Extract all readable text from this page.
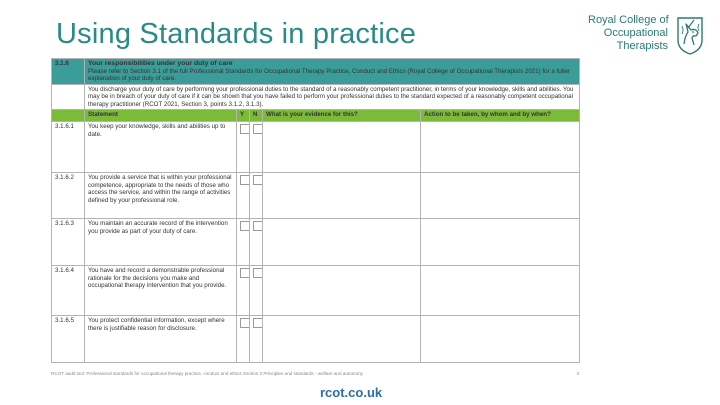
Using Standards in practice	Royal College of
Occupational
Therapists
3.1.6	Your responsibilities under your duty of care
Please refer to Section 3.1 of the full Professional Standards for Occupational Therapy Practice, Conduct and Ethics (Royal College of Occupational Therapists 2021) for a fuller explanation of your duty of care.				

	You discharge your duty of care by performing your professional duties to the standard of a reasonably competent practitioner, in terms of your knowledge, skills and abilities. You may be in breach of your duty of care if it can be shown that you have failed to perform your professional duties to the standard expected of a reasonably competent occupational therapy practitioner (RCOT 2021, Section 3, points 3.1.2, 3.1.3).				
	Statement	Y	N	What is your evidence for this?	Action to be taken, by whom and by when?
3.1.6.1	You keep your knowledge, skills and abilities up to date.				
3.1.6.2	You provide a service that is within your professional competence, appropriate to the needs of those who access the service, and within the range of activities defined by your professional role.				
3.1.6.3	You maintain an accurate record of the intervention you provide as part of your duty of care.				
3.1.6.4	You have and record a demonstrable professional rationale for the decisions you make and occupational therapy intervention that you provide.				
3.1.6.5	You protect confidential information, except where there is justifiable reason for disclosure.				
RCOT audit tool: Professional standards for occupational therapy practice, conduct and ethics Section 3 Principles and standards - welfare and autonomy	3
rcot.co.uk
